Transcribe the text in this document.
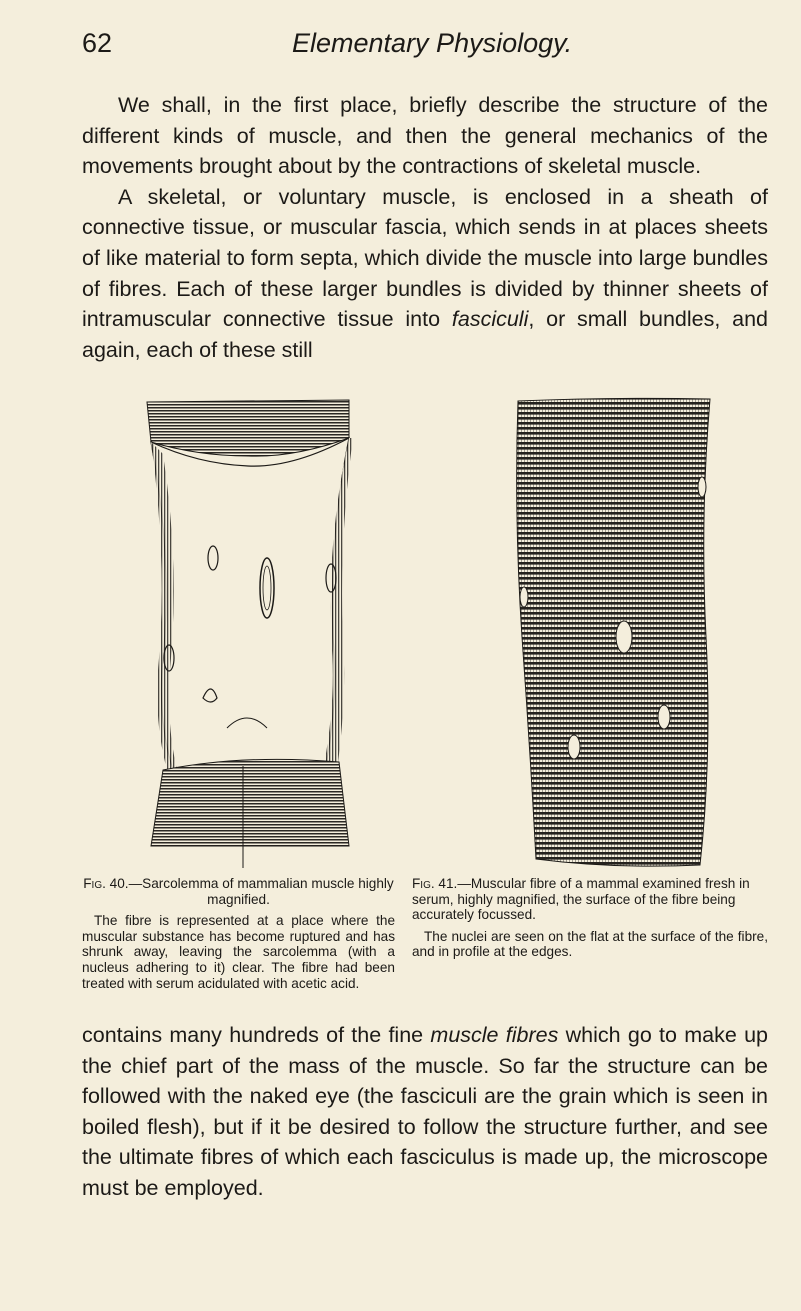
62	Elementary Physiology.

We shall, in the first place, briefly describe the structure of the different kinds of muscle, and then the general mechanics of the movements brought about by the contractions of skeletal muscle.

A skeletal, or voluntary muscle, is enclosed in a sheath of connective tissue, or muscular fascia, which sends in at places sheets of like material to form septa, which divide the muscle into large bundles of fibres. Each of these larger bundles is divided by thinner sheets of intramuscular connective tissue into fasciculi, or small bundles, and again, each of these still

Fig. 40.—Sarcolemma of mammalian muscle highly magnified.

The fibre is represented at a place where the muscular substance has become ruptured and has shrunk away, leaving the sarcolemma (with a nucleus adhering to it) clear. The fibre had been treated with serum acidulated with acetic acid.

Fig. 41.—Muscular fibre of a mammal examined fresh in serum, highly magnified, the surface of the fibre being accurately focussed.

The nuclei are seen on the flat at the surface of the fibre, and in profile at the edges.

contains many hundreds of the fine muscle fibres which go to make up the chief part of the mass of the muscle. So far the structure can be followed with the naked eye (the fasciculi are the grain which is seen in boiled flesh), but if it be desired to follow the structure further, and see the ultimate fibres of which each fasciculus is made up, the microscope must be employed.
